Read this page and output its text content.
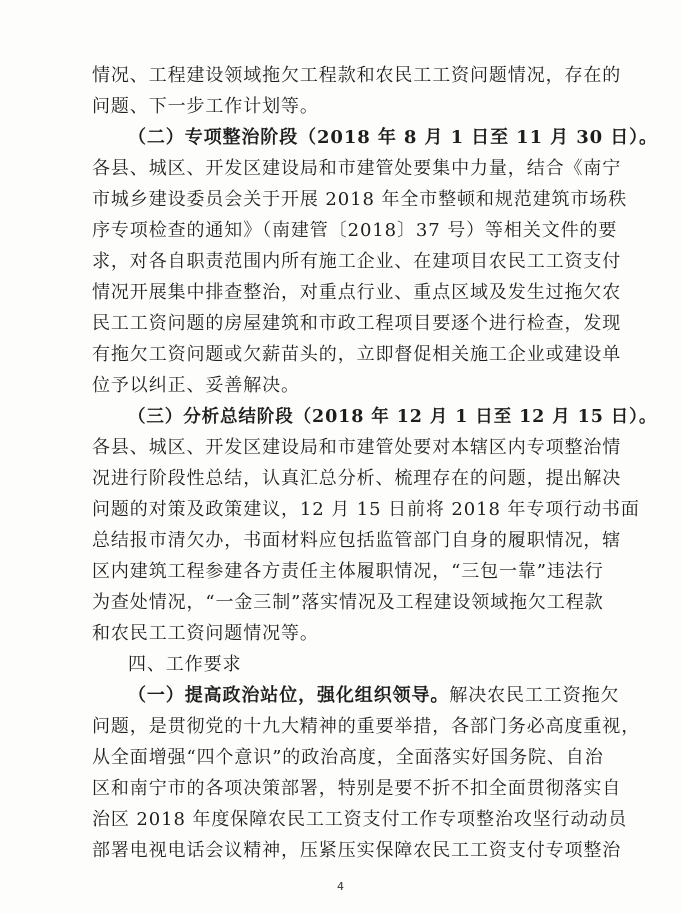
情况、工程建设领域拖欠工程款和农民工工资问题情况，存在的
问题、下一步工作计划等。
（二）专项整治阶段（2018 年 8 月 1 日至 11 月 30 日）。
各县、城区、开发区建设局和市建管处要集中力量，结合《南宁
市城乡建设委员会关于开展 2018 年全市整顿和规范建筑市场秩
序专项检查的通知》（南建管〔2018〕37 号）等相关文件的要
求，对各自职责范围内所有施工企业、在建项目农民工工资支付
情况开展集中排查整治，对重点行业、重点区域及发生过拖欠农
民工工资问题的房屋建筑和市政工程项目要逐个进行检查，发现
有拖欠工资问题或欠薪苗头的，立即督促相关施工企业或建设单
位予以纠正、妥善解决。
（三）分析总结阶段（2018 年 12 月 1 日至 12 月 15 日）。
各县、城区、开发区建设局和市建管处要对本辖区内专项整治情
况进行阶段性总结，认真汇总分析、梳理存在的问题，提出解决
问题的对策及政策建议，12 月 15 日前将 2018 年专项行动书面
总结报市清欠办，书面材料应包括监管部门自身的履职情况，辖
区内建筑工程参建各方责任主体履职情况，“三包一靠”违法行
为查处情况，“一金三制”落实情况及工程建设领域拖欠工程款
和农民工工资问题情况等。
四、工作要求
（一）提高政治站位，强化组织领导。解决农民工工资拖欠
问题，是贯彻党的十九大精神的重要举措，各部门务必高度重视，
从全面增强“四个意识”的政治高度，全面落实好国务院、自治
区和南宁市的各项决策部署，特别是要不折不扣全面贯彻落实自
治区 2018 年度保障农民工工资支付工作专项整治攻坚行动动员
部署电视电话会议精神，压紧压实保障农民工工资支付专项整治
4
